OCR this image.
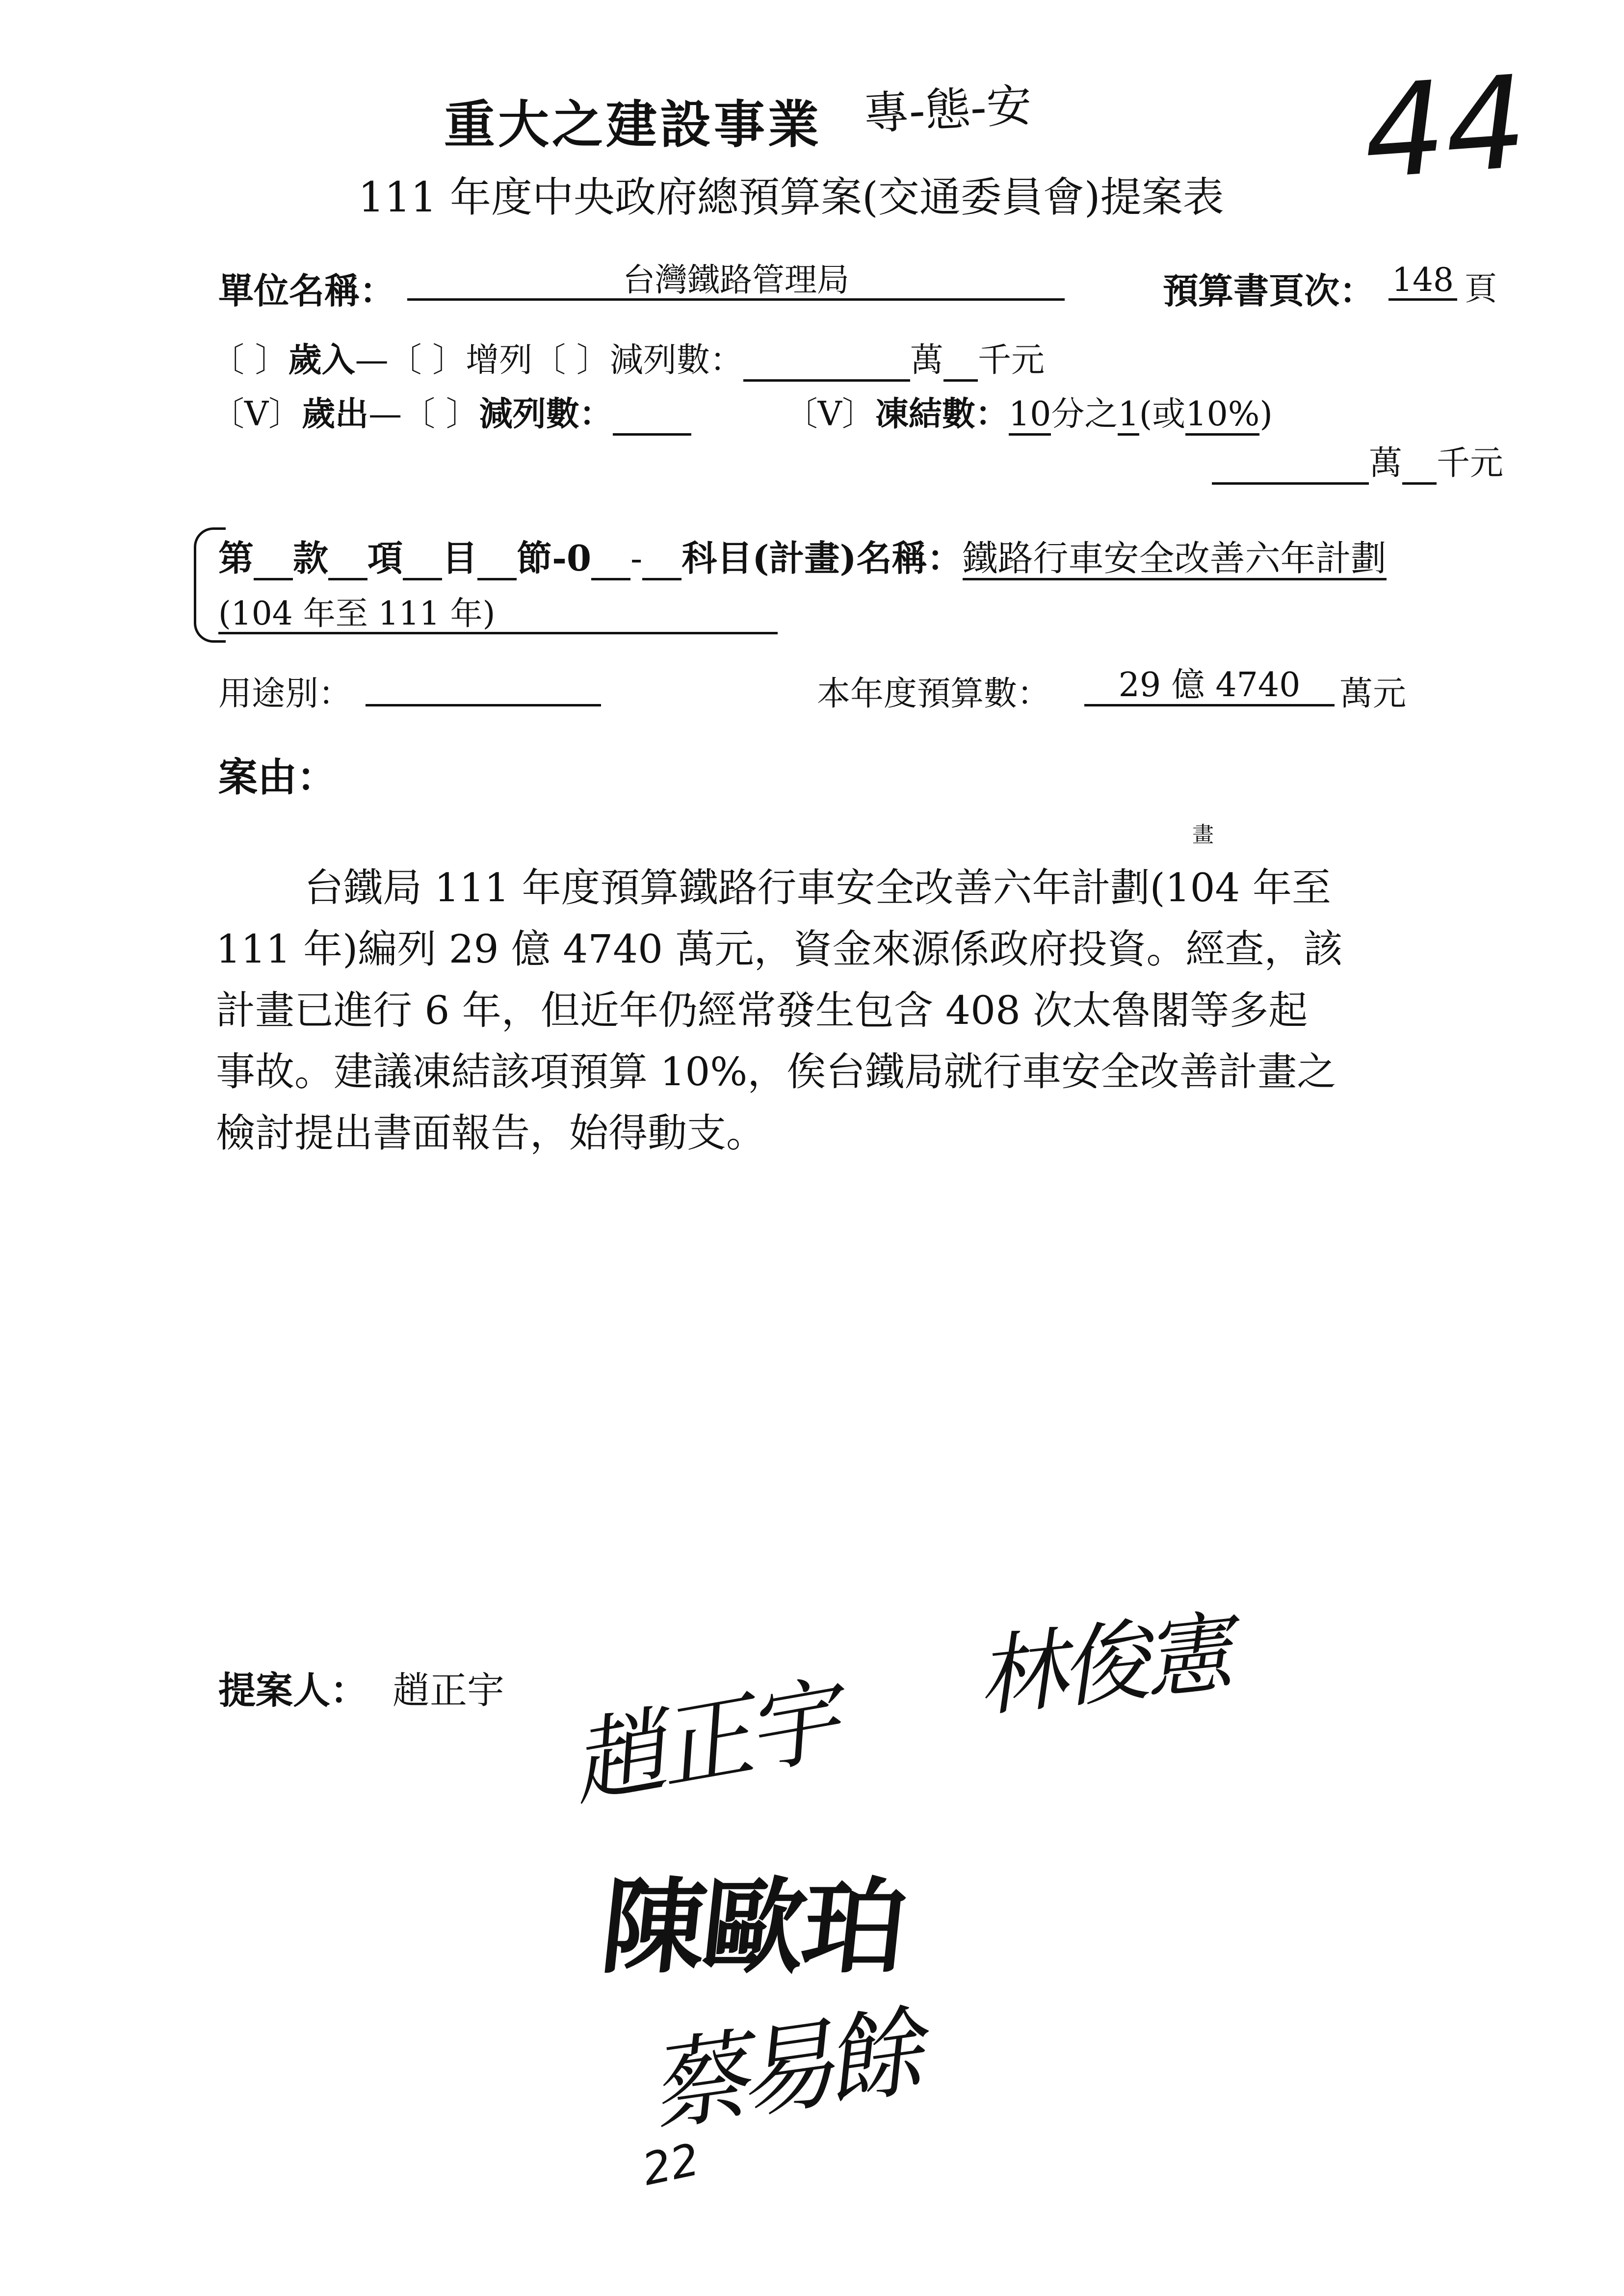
重大之建設事業 專-態-安	44
111 年度中央政府總預算案(交通委員會)提案表
單位名稱：	台灣鐵路管理局	預算書頁次： 148 頁
〔 〕歲入—〔 〕增列〔 〕減列數：	萬 千元
〔V〕歲出—〔 〕減列數：	〔V〕凍結數：10分之1(或10%)
萬 千元
第 款 項 目 節-0 - 科目(計畫)名稱：鐵路行車安全改善六年計劃
(104 年至 111 年)
用途別：
	本年度預算數：	29 億 4740	萬元
案由：
畫
台鐵局 111 年度預算鐵路行車安全改善六年計劃(104 年至
111 年)編列 29 億 4740 萬元，資金來源係政府投資。經查，該
計畫已進行 6 年，但近年仍經常發生包含 408 次太魯閣等多起
事故。建議凍結該項預算 10%，俟台鐵局就行車安全改善計畫之
檢討提出書面報告，始得動支。
提案人： 趙正宇 趙正宇
林俊憲
陳歐珀
蔡易餘
22
